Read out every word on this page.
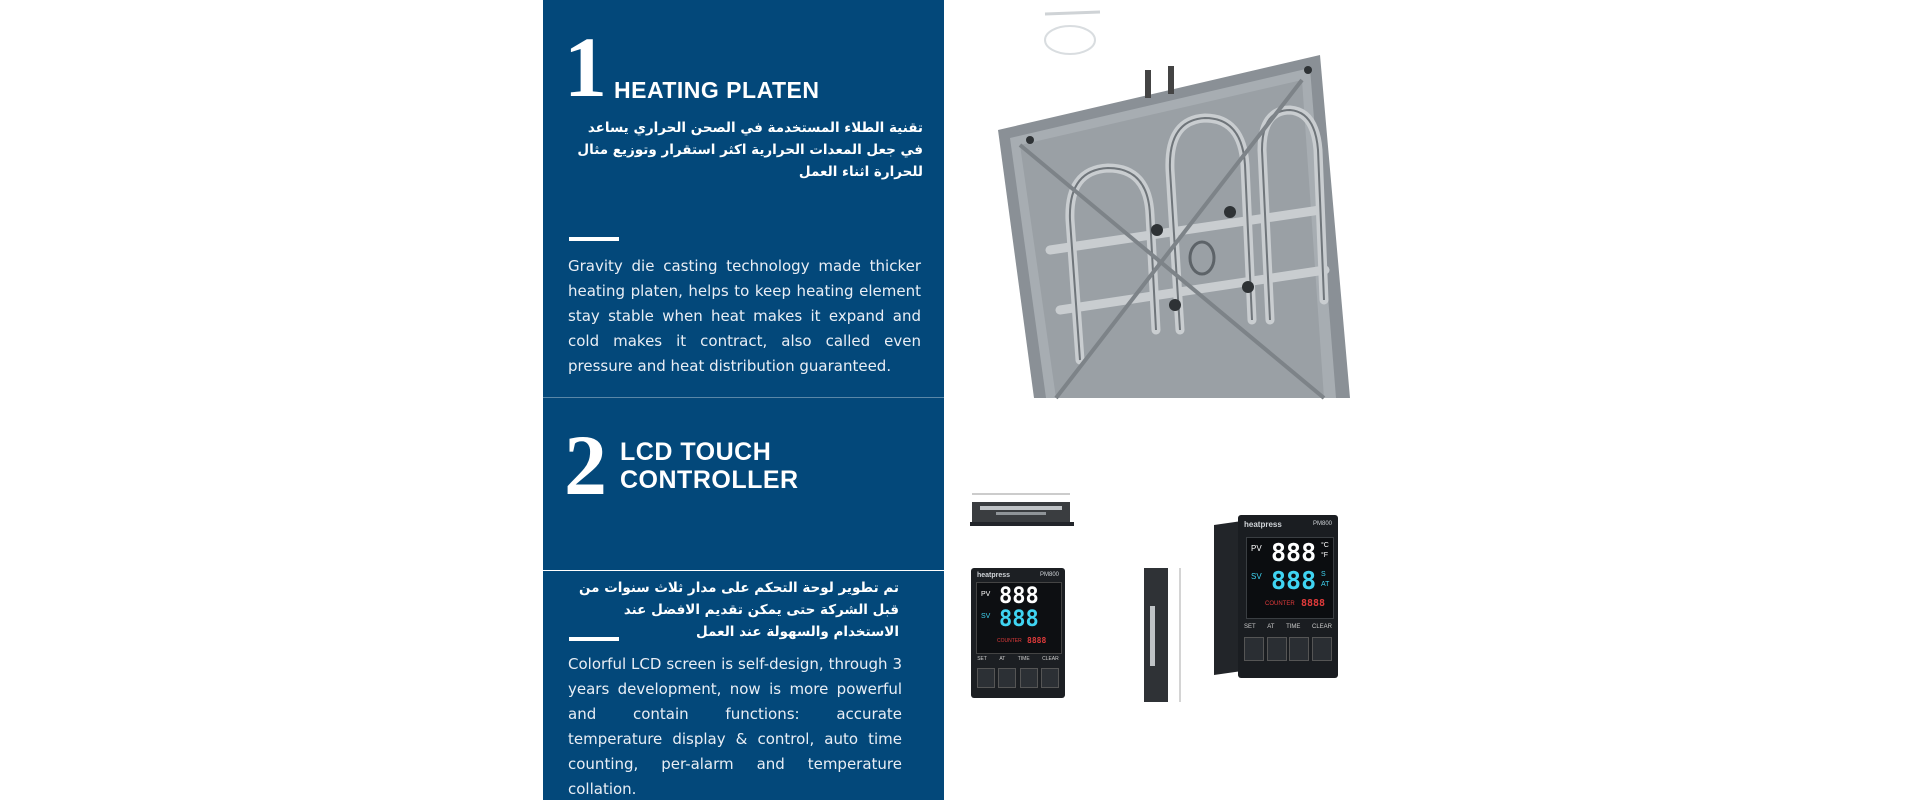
1 HEATING PLATEN
تقنية الطلاء المستخدمة في الصحن الحراري يساعد في جعل المعدات الحرارية اكثر استقرار وتوزيع مثال للحرارة اثناء العمل
Gravity die casting technology made thicker heating platen, helps to keep heating element stay stable when heat makes it expand and cold makes it contract, also called even pressure and heat distribution guaranteed.
2 LCD TOUCH
CONTROLLER
تم تطوير لوحة التحكم على مدار ثلاث سنوات من قبل الشركة حتى يمكن تقديم الافضل عند الاستخدام والسهولة عند العمل
Colorful LCD screen is self-design, through 3 years development, now is more powerful and contain functions: accurate temperature display & control, auto time counting, per-alarm and temperature collation.
heatpress	PM800
PV 888
SV 888
COUNTER 8888
SET AT TIME CLEAR
heatpress	PM800
PV 888 °C
°F
SV 888 S
AT
COUNTER 8888
SET AT TIME CLEAR
